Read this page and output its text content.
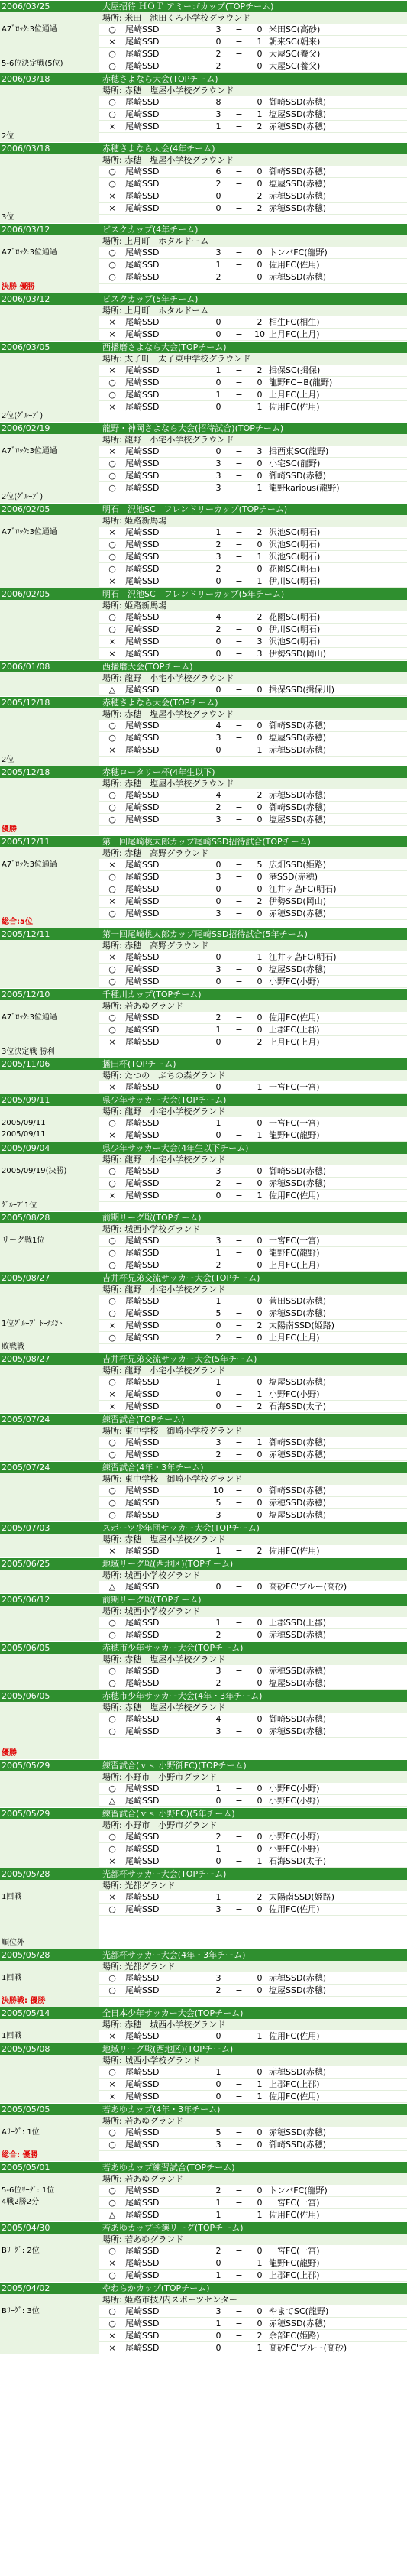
2006/03/25
A7ﾞﾛｯｸ:3位通過
5-6位決定戦(5位)
大屋招待 ＨＯＴ アミーゴカップ(TOPチーム)
場所: 米田　池田くろ小学校グラウンド
○	尾崎SSD	3	−	0 米田SC(高砂)
×	尾崎SSD	0	−	1 朝来SC(朝来)
○	尾崎SSD	2	−	0 大屋SC(養父)
○	尾崎SSD	2	−	0 大屋SC(養父)
2006/03/18
2位
赤穂さよなら大会(TOPチーム)
場所: 赤穂　塩屋小学校グラウンド
○	尾崎SSD	8	−	0 御崎SSD(赤穂)
○	尾崎SSD	3	−	1 塩屋SSD(赤穂)
×	尾崎SSD	1	−	2 赤穂SSD(赤穂)
2006/03/18
3位
赤穂さよなら大会(4年チーム)
場所: 赤穂　塩屋小学校グラウンド
○	尾崎SSD	6	−	0 御崎SSD(赤穂)
○	尾崎SSD	2	−	0 塩屋SSD(赤穂)
×	尾崎SSD	0	−	2 赤穂SSD(赤穂)
×	尾崎SSD	0	−	2 赤穂SSD(赤穂)
2006/03/12
A7ﾞﾛｯｸ:3位通過
決勝 優勝
ビスクカップ(4年チーム)
場所: 上月町　ホタルドーム
○	尾崎SSD	3	−	0 トンバFC(龍野)
○	尾崎SSD	1	−	0 佐用FC(佐用)
○	尾崎SSD	2	−	0 赤穂SSD(赤穂)
2006/03/12	ビスクカップ(5年チーム)
場所: 上月町　ホタルドーム
×	尾崎SSD	0	−	2 相生FC(相生)
×	尾崎SSD	0	−	10 上月FC(上月)
2006/03/05
2位(ｸﾞﾙｰﾌﾟ)
西播磨さよなら大会(TOPチーム)
場所: 太子町　太子東中学校グラウンド
×	尾崎SSD	1	−	2 揖保SC(揖保)
○	尾崎SSD	0	−	0 龍野FC−B(龍野)
○	尾崎SSD	1	−	0 上月FC(上月)
×	尾崎SSD	0	−	1 佐用FC(佐用)
2006/02/19
A7ﾞﾛｯｸ:3位通過
2位(ｸﾞﾙｰﾌﾟ)
龍野・神岡さよなら大会(招待試合)(TOPチーム)
場所: 龍野　小宅小学校グラウンド
×	尾崎SSD	0	−	3 揖西東SC(龍野)
○	尾崎SSD	3	−	0 小宅SC(龍野)
○	尾崎SSD	3	−	0 御崎SSD(赤穂)
○	尾崎SSD	3	−	1 龍野karious(龍野)
2006/02/05
A7ﾞﾛｯｸ:3位通過
明石　沢池SC　フレンドリーカップ(TOPチーム)
場所: 姫路新馬場
×	尾崎SSD	1	−	2 沢池SC(明石)
○	尾崎SSD	2	−	0 沢池SC(明石)
○	尾崎SSD	3	−	1 沢池SC(明石)
○	尾崎SSD	2	−	0 花園SC(明石)
×	尾崎SSD	0	−	1 伊川SC(明石)
2006/02/05	明石　沢池SC　フレンドリーカップ(5年チーム)
場所: 姫路新馬場
○	尾崎SSD	4	−	2 花園SC(明石)
○	尾崎SSD	2	−	0 伊川SC(明石)
×	尾崎SSD	0	−	3 沢池SC(明石)
×	尾崎SSD	0	−	3 伊勢SSD(岡山)
2006/01/08	西播磨大会(TOPチーム)
場所: 龍野　小宅小学校グラウンド
△	尾崎SSD	0	−	0 揖保SSD(揖保川)
2005/12/18
2位
赤穂さよなら大会(TOPチーム)
場所: 赤穂　塩屋小学校グラウンド
○	尾崎SSD	4	−	0 御崎SSD(赤穂)
○	尾崎SSD	3	−	0 塩屋SSD(赤穂)
×	尾崎SSD	0	−	1 赤穂SSD(赤穂)
2005/12/18
優勝
赤穂ロータリー杯(4年生以下)
場所: 赤穂　塩屋小学校グラウンド
○	尾崎SSD	4	−	2 赤穂SSD(赤穂)
○	尾崎SSD	2	−	0 御崎SSD(赤穂)
○	尾崎SSD	3	−	0 塩屋SSD(赤穂)
2005/12/11
A7ﾞﾛｯｸ:3位通過
総合:5位
第一回尾崎桃太郎カップ尾崎SSD招待試合(TOPチーム)
場所: 赤穂　高野グラウンド
×	尾崎SSD	0	−	5 広畑SSD(姫路)
○	尾崎SSD	3	−	0 港SSD(赤穂)
○	尾崎SSD	0	−	0 江井ヶ島FC(明石)
×	尾崎SSD	0	−	2 伊勢SSD(岡山)
○	尾崎SSD	3	−	0 赤穂SSD(赤穂)
2005/12/11	第一回尾崎桃太郎カップ尾崎SSD招待試合(5年チーム)
場所: 赤穂　高野グラウンド
×	尾崎SSD	0	−	1 江井ヶ島FC(明石)
○	尾崎SSD	3	−	0 塩屋SSD(赤穂)
○	尾崎SSD	0	−	0 小野FC(小野)
2005/12/10
A7ﾞﾛｯｸ:3位通過
3位決定戦 勝利
千種川カップ(TOPチーム)
場所: 若あゆグランド
○	尾崎SSD	2	−	0 佐用FC(佐用)
○	尾崎SSD	1	−	0 上郡FC(上郡)
×	尾崎SSD	0	−	2 上月FC(上月)
2005/11/06	播田杯(TOPチーム)
場所: たつの　ぷちの森グランド
×	尾崎SSD	0	−	1 一宮FC(一宮)
2005/09/11
2005/09/11
2005/09/11
県少年サッカー大会(TOPチーム)
場所: 龍野　小宅小学校グランド
○	尾崎SSD	1	−	0 一宮FC(一宮)
×	尾崎SSD	0	−	1 龍野FC(龍野)
2005/09/04
2005/09/19(決勝)
ｸﾞﾙｰﾌﾟ1位
県少年サッカー大会(4年生以下チーム)
場所: 龍野　小宅小学校グランド
○	尾崎SSD	3	−	0 御崎SSD(赤穂)
○	尾崎SSD	2	−	0 赤穂SSD(赤穂)
×	尾崎SSD	0	−	1 佐用FC(佐用)
2005/08/28
リーグ戦1位
前期リーグ戦(TOPチーム)
場所: 城西小学校グランド
○	尾崎SSD	3	−	0 一宮FC(一宮)
○	尾崎SSD	1	−	0 龍野FC(龍野)
○	尾崎SSD	2	−	0 上月FC(上月)
2005/08/27
1位ｸﾞﾙｰﾌﾟ ﾄｰﾅﾒﾝﾄ
敗戦戦
吉井杯兄弟交流サッカー大会(TOPチーム)
場所: 龍野　小宅小学校グランド
○	尾崎SSD	1	−	0 菅田SSD(赤穂)
○	尾崎SSD	5	−	0 赤穂SSD(赤穂)
×	尾崎SSD	0	−	2 太陽南SSD(姫路)
○	尾崎SSD	2	−	0 上月FC(上月)
2005/08/27	吉井杯兄弟交流サッカー大会(5年チーム)
場所: 龍野　小宅小学校グランド
○	尾崎SSD	1	−	0 塩屋SSD(赤穂)
×	尾崎SSD	0	−	1 小野FC(小野)
×	尾崎SSD	0	−	2 石海SSD(太子)
2005/07/24	練習試合(TOPチーム)
場所: 東中学校　御崎小学校グランド
○	尾崎SSD	3	−	1 御崎SSD(赤穂)
○	尾崎SSD	2	−	0 赤穂SSD(赤穂)
2005/07/24	練習試合(4年・3年チーム)
場所: 東中学校　御崎小学校グランド
○	尾崎SSD	10	−	0 御崎SSD(赤穂)
○	尾崎SSD	5	−	0 赤穂SSD(赤穂)
○	尾崎SSD	3	−	0 塩屋SSD(赤穂)
2005/07/03	スポーツ少年団サッカー大会(TOPチーム)
場所: 赤穂　塩屋小学校グランド
×	尾崎SSD	1	−	2 佐用FC(佐用)
2005/06/25	地域リーグ戦(西地区)(TOPチーム)
場所: 城西小学校グランド
△	尾崎SSD	0	−	0 高砂FC'ブルー(高砂)
2005/06/12	前期リーグ戦(TOPチーム)
場所: 城西小学校グランド
○	尾崎SSD	1	−	0 上郡SSD(上郡)
○	尾崎SSD	2	−	0 赤穂SSD(赤穂)
2005/06/05	赤穂市少年サッカー大会(TOPチーム)
場所: 赤穂　塩屋小学校グランド
○	尾崎SSD	3	−	0 赤穂SSD(赤穂)
○	尾崎SSD	2	−	0 塩屋SSD(赤穂)
2005/06/05
優勝
赤穂市少年サッカー大会(4年・3年チーム)
場所: 赤穂　塩屋小学校グランド
○	尾崎SSD	4	−	0 御崎SSD(赤穂)
○	尾崎SSD	3	−	0 赤穂SSD(赤穂)
2005/05/29	練習試合(ｖｓ 小野御FC)(TOPチーム)
場所: 小野市　小野市グランド
○	尾崎SSD	1	−	0 小野FC(小野)
△	尾崎SSD	0	−	0 小野FC(小野)
2005/05/29	練習試合(ｖｓ 小野FC)(5年チーム)
場所: 小野市　小野市グランド
○	尾崎SSD	2	−	0 小野FC(小野)
○	尾崎SSD	1	−	0 小野FC(小野)
×	尾崎SSD	0	−	1 石海SSD(太子)
2005/05/28
1回戦
順位外
光都杯サッカー大会(TOPチーム)
場所: 光都グランド
×	尾崎SSD	1	−	2 太陽南SSD(姫路)
○	尾崎SSD	3	−	0 佐用FC(佐用)
2005/05/28
1回戦
決勝戦: 優勝
光都杯サッカー大会(4年・3年チーム)
場所: 光都グランド
○	尾崎SSD	3	−	0 赤穂SSD(赤穂)
○	尾崎SSD	2	−	0 塩屋SSD(赤穂)
2005/05/14
1回戦
全日本少年サッカー大会(TOPチーム)
場所: 赤穂　城西小学校グランド
×	尾崎SSD	0	−	1 佐用FC(佐用)
2005/05/08	地域リーグ戦(西地区)(TOPチーム)
場所: 城西小学校グランド
○	尾崎SSD	1	−	0 赤穂SSD(赤穂)
×	尾崎SSD	0	−	1 上郡FC(上郡)
×	尾崎SSD	0	−	1 佐用FC(佐用)
2005/05/05
Aﾘｰｸﾞ: 1位
総合: 優勝
若あゆカップ(4年・3年チーム)
場所: 若あゆグランド
○	尾崎SSD	5	−	0 赤穂SSD(赤穂)
○	尾崎SSD	3	−	0 御崎SSD(赤穂)
2005/05/01
5-6位ﾘｰｸﾞ: 1位
4戦2勝2分
若あゆカップ練習試合(TOPチーム)
場所: 若あゆグランド
○	尾崎SSD	2	−	0 トンバFC(龍野)
○	尾崎SSD	1	−	0 一宮FC(一宮)
△	尾崎SSD	1	−	1 佐用FC(佐用)
2005/04/30
Bﾘｰｸﾞ: 2位
若あゆカップ予選リーグ(TOPチーム)
場所: 若あゆグランド
○	尾崎SSD	2	−	0 一宮FC(一宮)
×	尾崎SSD	0	−	1 龍野FC(龍野)
○	尾崎SSD	1	−	0 上郡FC(上郡)
2005/04/02
Bﾘｰｸﾞ: 3位
やわらかカップ(TOPチーム)
場所: 姫路市技ﾉ内スポーツセンター
○	尾崎SSD	3	−	0 やまてSC(龍野)
○	尾崎SSD	1	−	0 赤穂SSD(赤穂)
×	尾崎SSD	0	−	2 余部FC(姫路)
×	尾崎SSD	0	−	1 高砂FC'ブルー(高砂)
